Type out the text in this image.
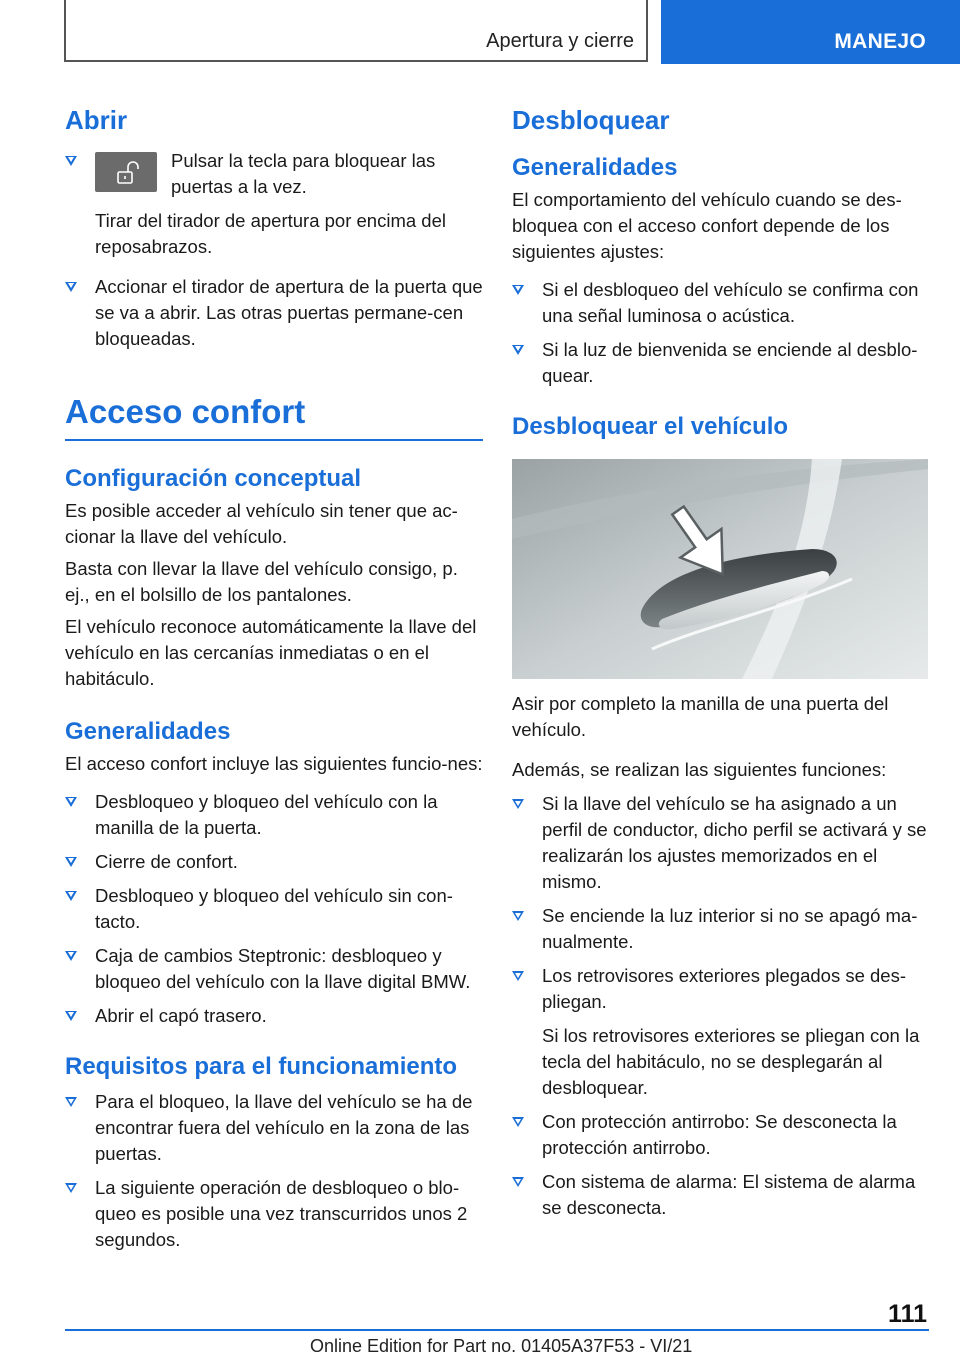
Apertura y cierre	MANEJO
Abrir
Pulsar la tecla para bloquear las puertas a la vez.

Tirar del tirador de apertura por encima del reposabrazos.

Accionar el tirador de apertura de la puerta que se va a abrir. Las otras puertas permane‐cen bloqueadas.
Acceso confort
Configuración conceptual

Es posible acceder al vehículo sin tener que ac‐cionar la llave del vehículo.

Basta con llevar la llave del vehículo consigo, p. ej., en el bolsillo de los pantalones.

El vehículo reconoce automáticamente la llave del vehículo en las cercanías inmediatas o en el habitáculo.

Generalidades

El acceso confort incluye las siguientes funcio‐nes:

Desbloqueo y bloqueo del vehículo con la manilla de la puerta.
Cierre de confort.
Desbloqueo y bloqueo del vehículo sin con‐tacto.
Caja de cambios Steptronic: desbloqueo y bloqueo del vehículo con la llave digital BMW.
Abrir el capó trasero.
Requisitos para el funcionamiento
Para el bloqueo, la llave del vehículo se ha de encontrar fuera del vehículo en la zona de las puertas.
La siguiente operación de desbloqueo o blo‐queo es posible una vez transcurridos unos 2 segundos.
Desbloquear
Generalidades

El comportamiento del vehículo cuando se des‐bloquea con el acceso confort depende de los siguientes ajustes:

Si el desbloqueo del vehículo se confirma con una señal luminosa o acústica.
Si la luz de bienvenida se enciende al desblo‐quear.
Desbloquear el vehículo

Asir por completo la manilla de una puerta del vehículo.

Además, se realizan las siguientes funciones:

Si la llave del vehículo se ha asignado a un perfil de conductor, dicho perfil se activará y se realizarán los ajustes memorizados en el mismo.
Se enciende la luz interior si no se apagó ma‐nualmente.
Los retrovisores exteriores plegados se des‐pliegan.

Si los retrovisores exteriores se pliegan con la tecla del habitáculo, no se desplegarán al desbloquear.

Con protección antirrobo: Se desconecta la protección antirrobo.
Con sistema de alarma: El sistema de alarma se desconecta.
111
Online Edition for Part no. 01405A37F53 - VI/21
